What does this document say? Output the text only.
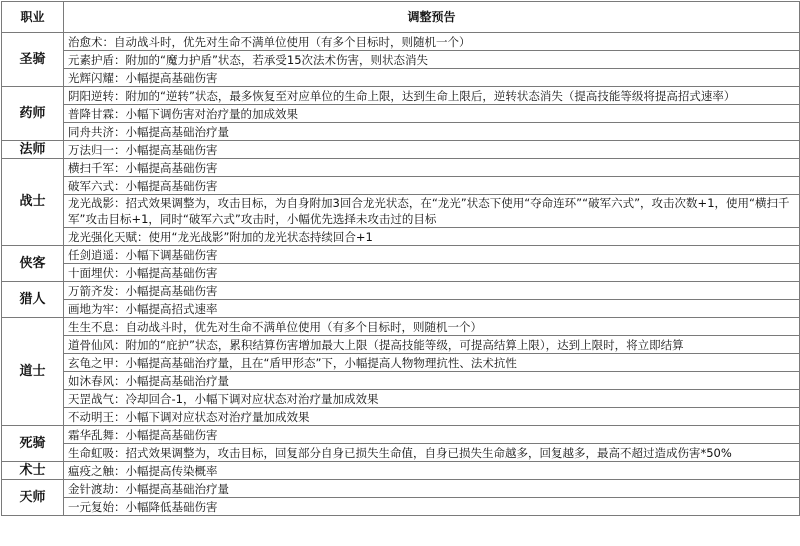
职业	调整预告
圣骑	治愈术：自动战斗时，优先对生命不满单位使用（有多个目标时，则随机一个）
	元素护盾：附加的“魔力护盾”状态，若承受15次法术伤害，则状态消失
	光辉闪耀：小幅提高基础伤害
药师	阴阳逆转：附加的“逆转”状态，最多恢复至对应单位的生命上限，达到生命上限后，逆转状态消失（提高技能等级将提高招式速率）
	普降甘霖：小幅下调伤害对治疗量的加成效果
	同舟共济：小幅提高基础治疗量
法师	万法归一：小幅提高基础伤害
战士	横扫千军：小幅提高基础伤害
	破军六式：小幅提高基础伤害
	龙光战影：招式效果调整为，攻击目标，为自身附加3回合龙光状态，在“龙光”状态下使用“夺命连环”“破军六式”，攻击次数+1，使用“横扫千军”攻击目标+1，同时“破军六式”攻击时，小幅优先选择未攻击过的目标
	龙光强化天赋：使用“龙光战影”附加的龙光状态持续回合+1
侠客	任剑逍遥：小幅下调基础伤害
	十面埋伏：小幅提高基础伤害
猎人	万箭齐发：小幅提高基础伤害
	画地为牢：小幅提高招式速率
道士	生生不息：自动战斗时，优先对生命不满单位使用（有多个目标时，则随机一个）
	道骨仙风：附加的“庇护”状态，累积结算伤害增加最大上限（提高技能等级，可提高结算上限），达到上限时，将立即结算
	玄龟之甲：小幅提高基础治疗量，且在“盾甲形态”下，小幅提高人物物理抗性、法术抗性
	如沐春风：小幅提高基础治疗量
	天罡战气：冷却回合-1，小幅下调对应状态对治疗量加成效果
	不动明王：小幅下调对应状态对治疗量加成效果
死骑	霜华乱舞：小幅提高基础伤害
	生命虹吸：招式效果调整为，攻击目标，回复部分自身已损失生命值，自身已损失生命越多，回复越多，最高不超过造成伤害*50%
术士	瘟疫之触：小幅提高传染概率
天师	金针渡劫：小幅提高基础治疗量
	一元复始：小幅降低基础伤害
